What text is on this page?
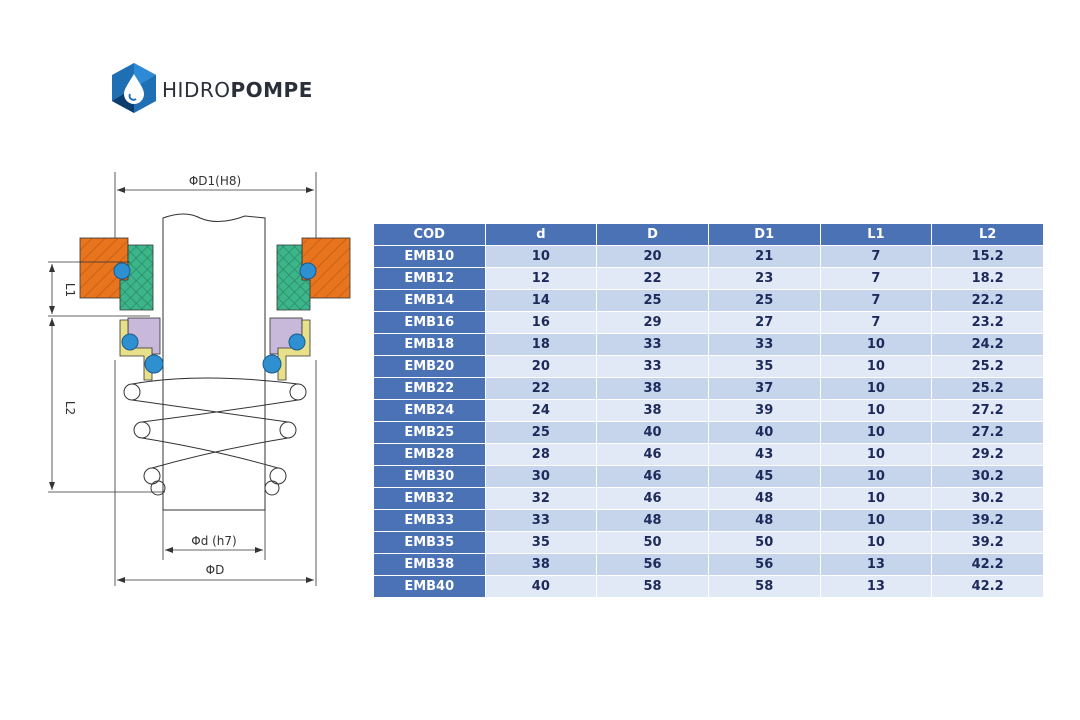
HIDROPOMPE
ΦD1(H8)
L1
L2
Φd (h7)
ΦD
COD	d	D	D1	L1	L2
EMB10	10	20	21	7	15.2
EMB12	12	22	23	7	18.2
EMB14	14	25	25	7	22.2
EMB16	16	29	27	7	23.2
EMB18	18	33	33	10	24.2
EMB20	20	33	35	10	25.2
EMB22	22	38	37	10	25.2
EMB24	24	38	39	10	27.2
EMB25	25	40	40	10	27.2
EMB28	28	46	43	10	29.2
EMB30	30	46	45	10	30.2
EMB32	32	46	48	10	30.2
EMB33	33	48	48	10	39.2
EMB35	35	50	50	10	39.2
EMB38	38	56	56	13	42.2
EMB40	40	58	58	13	42.2
